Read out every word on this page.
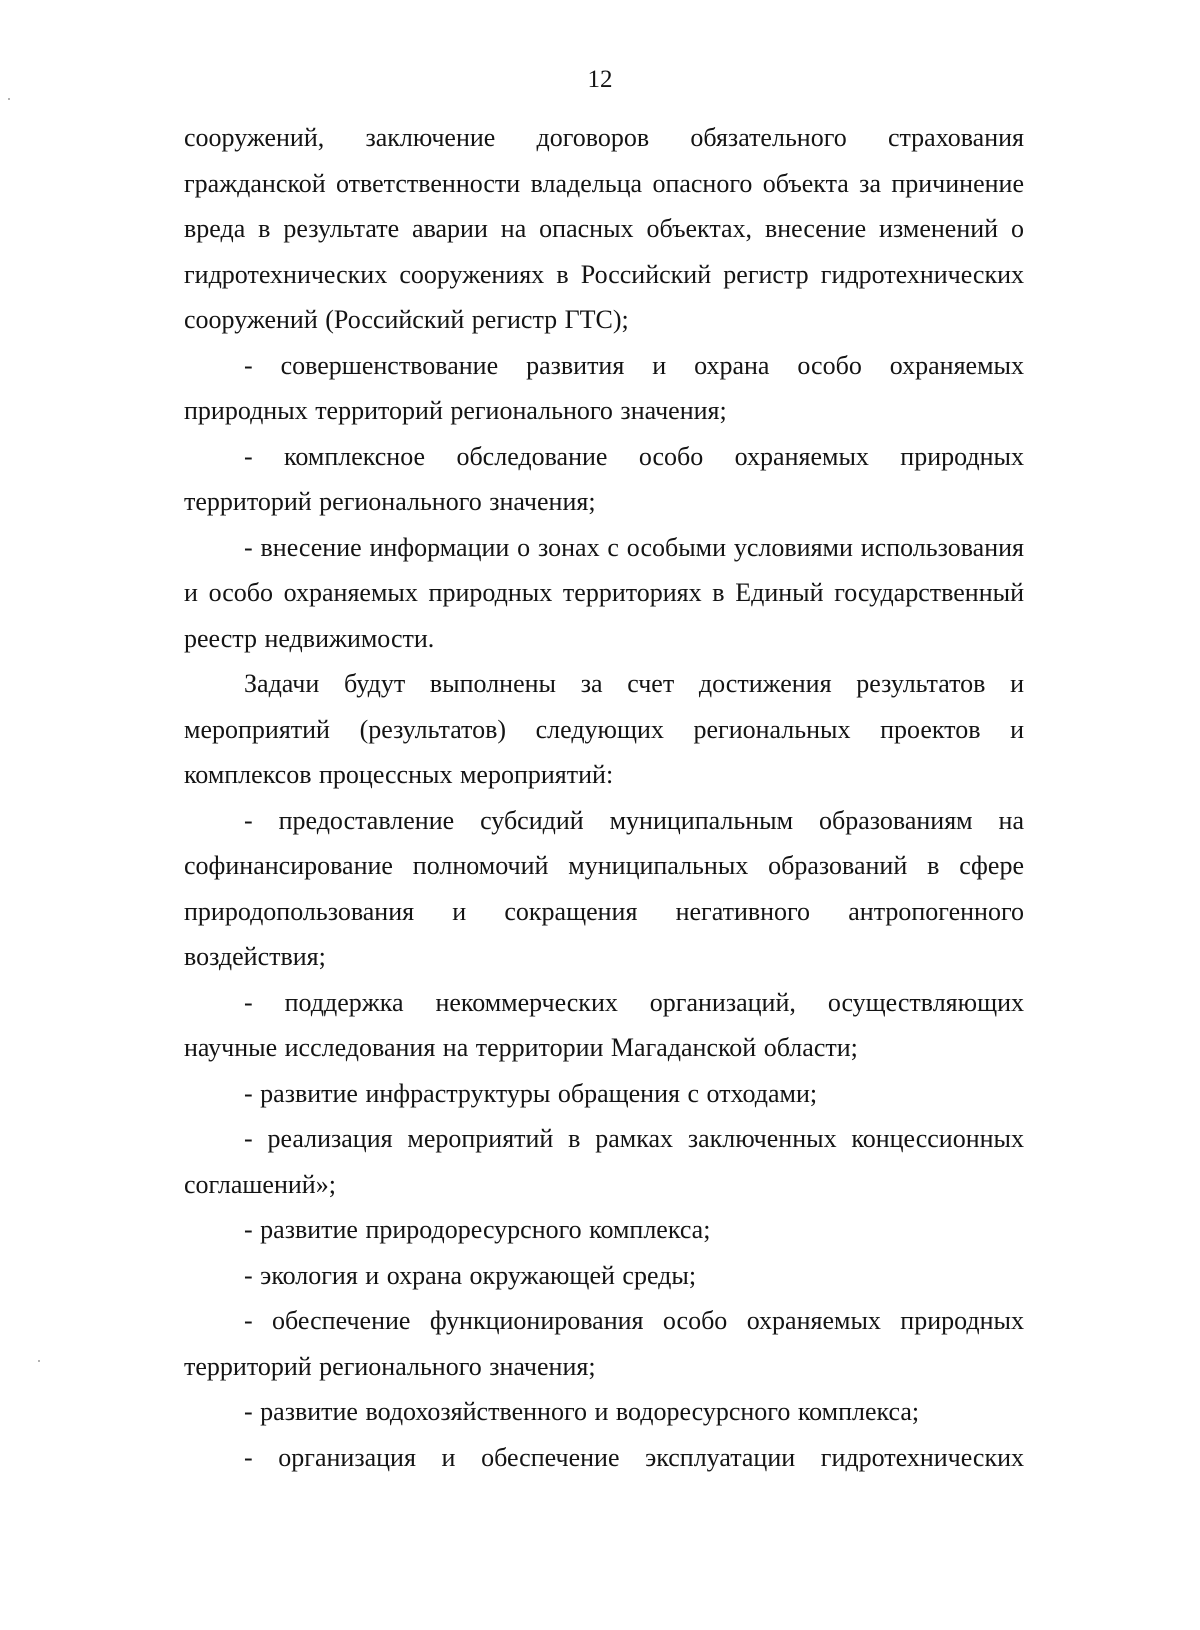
12

сооружений, заключение договоров обязательного страхования гражданской ответственности владельца опасного объекта за причинение вреда в результате аварии на опасных объектах, внесение изменений о гидротехнических сооружениях в Российский регистр гидротехнических сооружений (Российский регистр ГТС);

- совершенствование развития и охрана особо охраняемых природных территорий регионального значения;

- комплексное обследование особо охраняемых природных территорий регионального значения;

- внесение информации о зонах с особыми условиями использования и особо охраняемых природных территориях в Единый государственный реестр недвижимости.

Задачи будут выполнены за счет достижения результатов и мероприятий (результатов) следующих региональных проектов и комплексов процессных мероприятий:

- предоставление субсидий муниципальным образованиям на софинансирование полномочий муниципальных образований в сфере природопользования и сокращения негативного антропогенного воздействия;

- поддержка некоммерческих организаций, осуществляющих научные исследования на территории Магаданской области;

- развитие инфраструктуры обращения с отходами;

- реализация мероприятий в рамках заключенных концессионных соглашений»;

- развитие природоресурсного комплекса;

- экология и охрана окружающей среды;

- обеспечение функционирования особо охраняемых природных территорий регионального значения;

- развитие водохозяйственного и водоресурсного комплекса;

- организация и обеспечение эксплуатации гидротехнических
